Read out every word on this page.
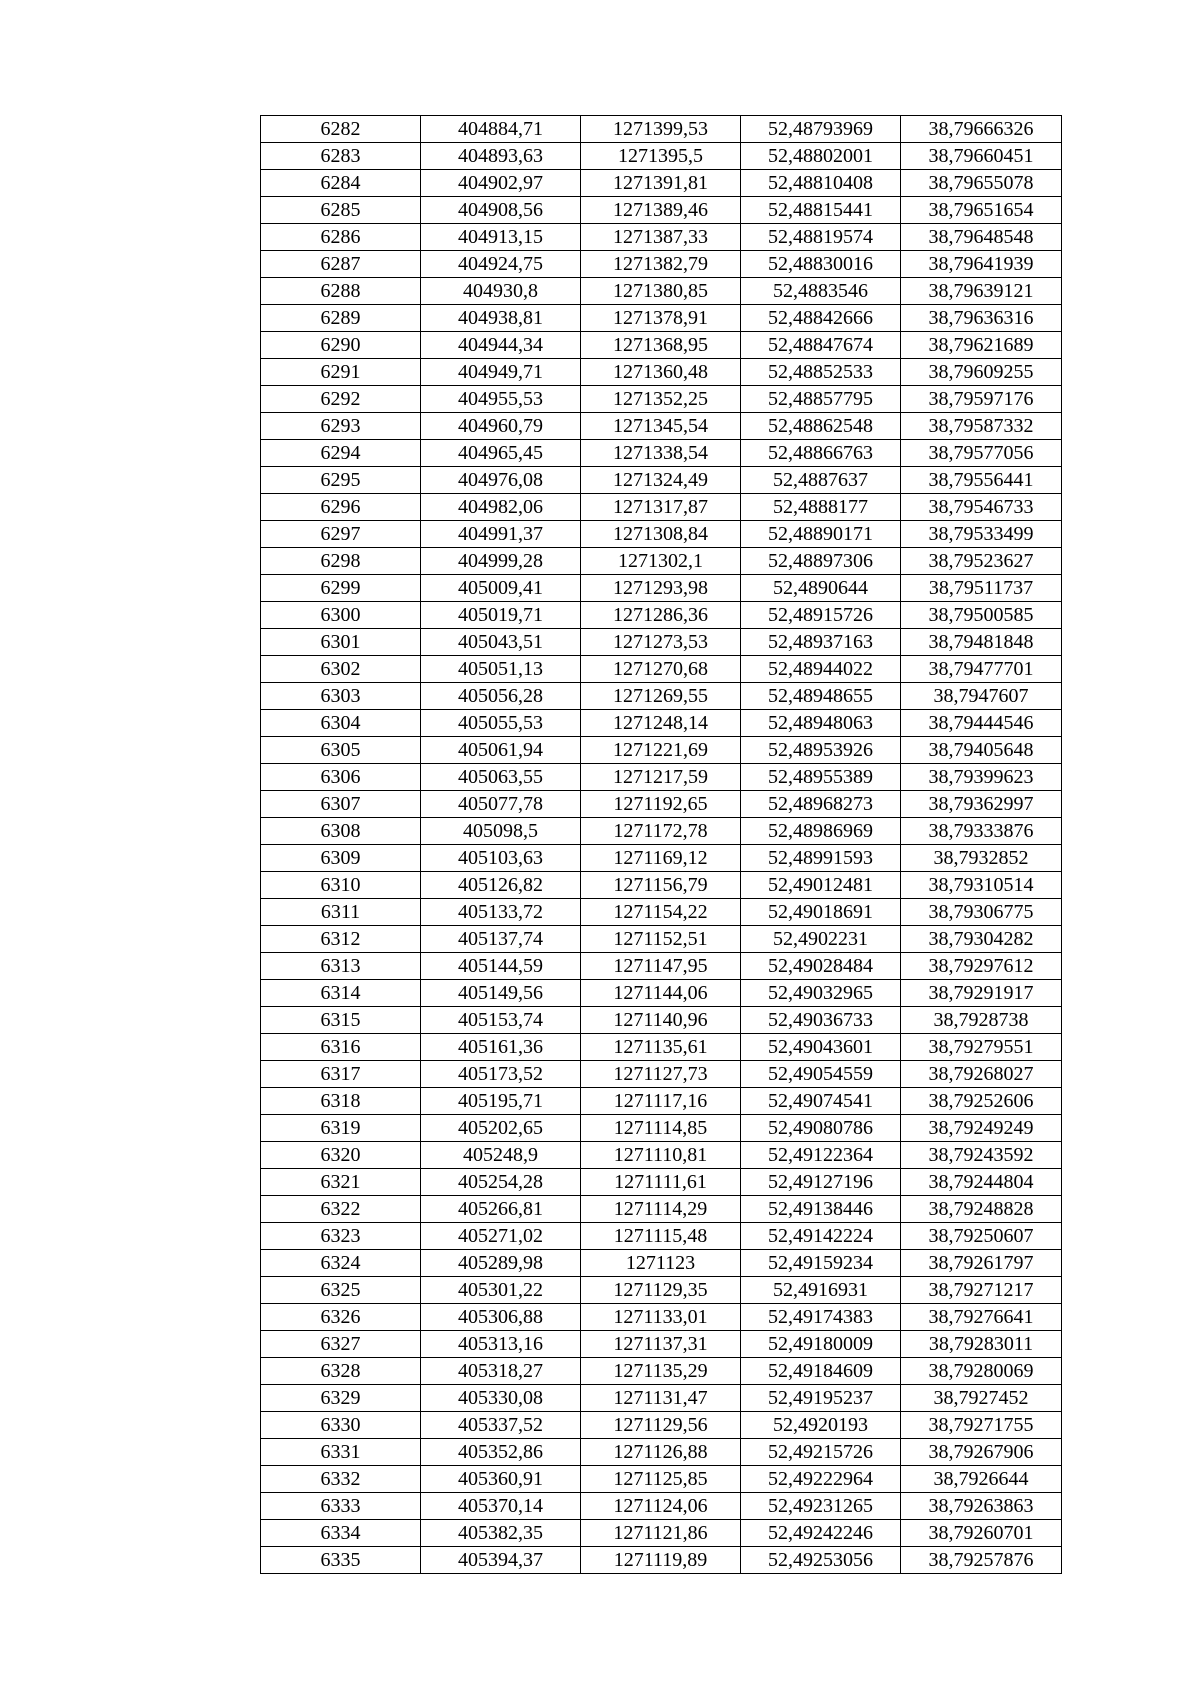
6282	404884,71	1271399,53	52,48793969	38,79666326
6283	404893,63	1271395,5	52,48802001	38,79660451
6284	404902,97	1271391,81	52,48810408	38,79655078
6285	404908,56	1271389,46	52,48815441	38,79651654
6286	404913,15	1271387,33	52,48819574	38,79648548
6287	404924,75	1271382,79	52,48830016	38,79641939
6288	404930,8	1271380,85	52,4883546	38,79639121
6289	404938,81	1271378,91	52,48842666	38,79636316
6290	404944,34	1271368,95	52,48847674	38,79621689
6291	404949,71	1271360,48	52,48852533	38,79609255
6292	404955,53	1271352,25	52,48857795	38,79597176
6293	404960,79	1271345,54	52,48862548	38,79587332
6294	404965,45	1271338,54	52,48866763	38,79577056
6295	404976,08	1271324,49	52,4887637	38,79556441
6296	404982,06	1271317,87	52,4888177	38,79546733
6297	404991,37	1271308,84	52,48890171	38,79533499
6298	404999,28	1271302,1	52,48897306	38,79523627
6299	405009,41	1271293,98	52,4890644	38,79511737
6300	405019,71	1271286,36	52,48915726	38,79500585
6301	405043,51	1271273,53	52,48937163	38,79481848
6302	405051,13	1271270,68	52,48944022	38,79477701
6303	405056,28	1271269,55	52,48948655	38,7947607
6304	405055,53	1271248,14	52,48948063	38,79444546
6305	405061,94	1271221,69	52,48953926	38,79405648
6306	405063,55	1271217,59	52,48955389	38,79399623
6307	405077,78	1271192,65	52,48968273	38,79362997
6308	405098,5	1271172,78	52,48986969	38,79333876
6309	405103,63	1271169,12	52,48991593	38,7932852
6310	405126,82	1271156,79	52,49012481	38,79310514
6311	405133,72	1271154,22	52,49018691	38,79306775
6312	405137,74	1271152,51	52,4902231	38,79304282
6313	405144,59	1271147,95	52,49028484	38,79297612
6314	405149,56	1271144,06	52,49032965	38,79291917
6315	405153,74	1271140,96	52,49036733	38,7928738
6316	405161,36	1271135,61	52,49043601	38,79279551
6317	405173,52	1271127,73	52,49054559	38,79268027
6318	405195,71	1271117,16	52,49074541	38,79252606
6319	405202,65	1271114,85	52,49080786	38,79249249
6320	405248,9	1271110,81	52,49122364	38,79243592
6321	405254,28	1271111,61	52,49127196	38,79244804
6322	405266,81	1271114,29	52,49138446	38,79248828
6323	405271,02	1271115,48	52,49142224	38,79250607
6324	405289,98	1271123	52,49159234	38,79261797
6325	405301,22	1271129,35	52,4916931	38,79271217
6326	405306,88	1271133,01	52,49174383	38,79276641
6327	405313,16	1271137,31	52,49180009	38,79283011
6328	405318,27	1271135,29	52,49184609	38,79280069
6329	405330,08	1271131,47	52,49195237	38,7927452
6330	405337,52	1271129,56	52,4920193	38,79271755
6331	405352,86	1271126,88	52,49215726	38,79267906
6332	405360,91	1271125,85	52,49222964	38,7926644
6333	405370,14	1271124,06	52,49231265	38,79263863
6334	405382,35	1271121,86	52,49242246	38,79260701
6335	405394,37	1271119,89	52,49253056	38,79257876
